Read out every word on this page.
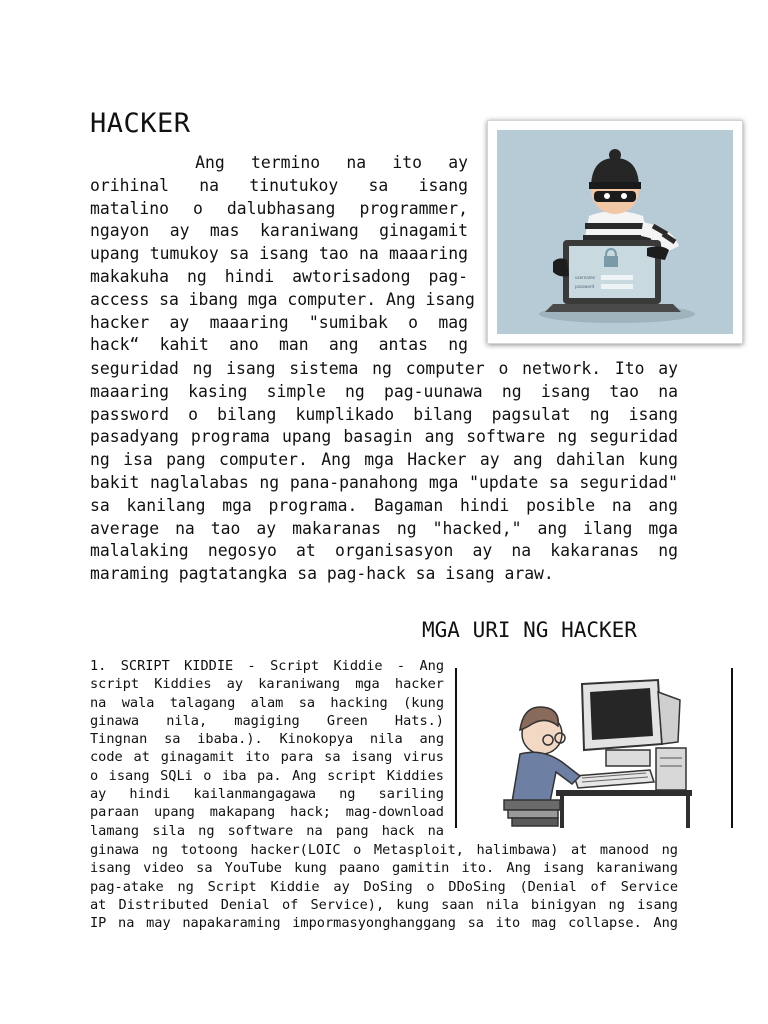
HACKER
Ang  termino  na  ito  ay
orihinal na tinutukoy sa isang
matalino o dalubhasang programmer,
ngayon ay mas karaniwang ginagamit
upang tumukoy sa isang tao na maaaring
makakuha ng hindi awtorisadong pag-
access sa ibang mga computer. Ang isang
hacker ay maaaring "sumibak o mag
hack“ kahit ano man ang antas ng
seguridad ng isang sistema ng computer o network. Ito ay
maaaring kasing simple ng pag-uunawa ng isang tao na
password o bilang kumplikado bilang pagsulat ng isang
pasadyang programa upang basagin ang software ng seguridad
ng isa pang computer. Ang mga Hacker ay ang dahilan kung
bakit naglalabas ng pana-panahong mga "update sa seguridad"
sa kanilang mga programa. Bagaman hindi posible na ang
average na tao ay makaranas ng "hacked," ang ilang mga
malalaking negosyo at organisasyon ay na kakaranas ng
maraming pagtatangka sa pag-hack sa isang araw.
username
password
MGA URI NG HACKER
1. SCRIPT KIDDIE - Script Kiddie - Ang
script Kiddies ay karaniwang mga hacker
na wala talagang alam sa hacking (kung
ginawa nila, magiging Green Hats.)
Tingnan sa ibaba.). Kinokopya nila ang
code at ginagamit ito para sa isang virus
o isang SQLi o iba pa. Ang script Kiddies
ay hindi kailanmangagawa ng sariling
paraan upang makapang hack; mag-download
lamang sila ng software na pang hack na
ginawa ng totoong hacker(LOIC o Metasploit, halimbawa) at manood ng
isang video sa YouTube kung paano gamitin ito. Ang isang karaniwang
pag-atake ng Script Kiddie ay DoSing o DDoSing (Denial of Service
at Distributed Denial of Service), kung saan nila binigyan ng isang
IP na may napakaraming impormasyonghanggang sa ito mag collapse. Ang
